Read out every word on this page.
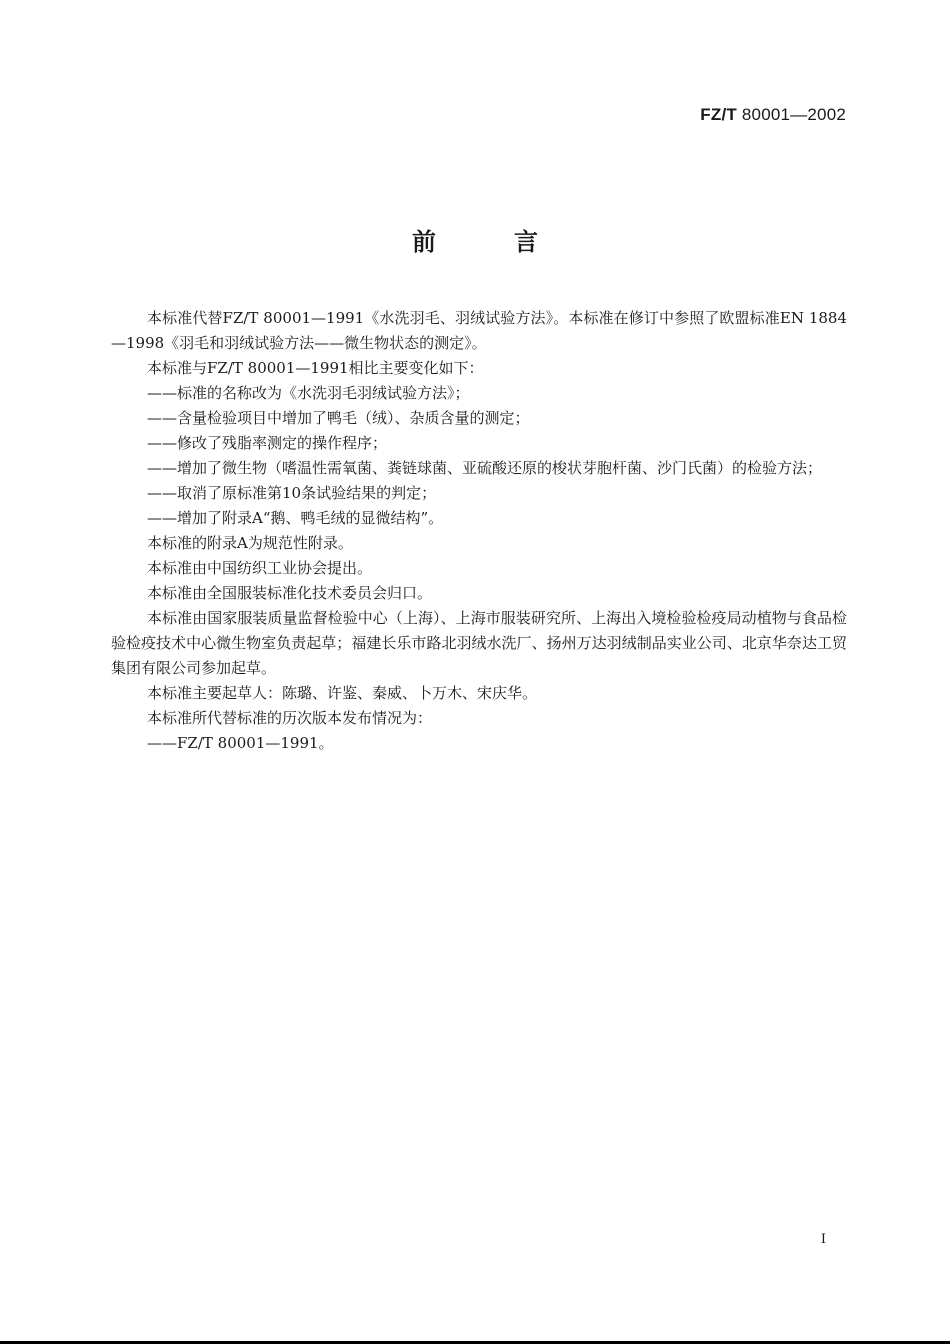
FZ/T 80001—2002
前言

本标准代替FZ/T 80001—1991《水洗羽毛、羽绒试验方法》。本标准在修订中参照了欧盟标准EN 1884—1998《羽毛和羽绒试验方法——微生物状态的测定》。

本标准与FZ/T 80001—1991相比主要变化如下：

——标准的名称改为《水洗羽毛羽绒试验方法》；

——含量检验项目中增加了鸭毛（绒）、杂质含量的测定；

——修改了残脂率测定的操作程序；

——增加了微生物（嗜温性需氧菌、粪链球菌、亚硫酸还原的梭状芽胞杆菌、沙门氏菌）的检验方法；

——取消了原标准第10条试验结果的判定；

——增加了附录A“鹅、鸭毛绒的显微结构”。

本标准的附录A为规范性附录。

本标准由中国纺织工业协会提出。

本标准由全国服装标准化技术委员会归口。

本标准由国家服装质量监督检验中心（上海）、上海市服装研究所、上海出入境检验检疫局动植物与食品检验检疫技术中心微生物室负责起草；福建长乐市路北羽绒水洗厂、扬州万达羽绒制品实业公司、北京华奈达工贸集团有限公司参加起草。

本标准主要起草人：陈璐、许鉴、秦威、卜万木、宋庆华。

本标准所代替标准的历次版本发布情况为：

——FZ/T 80001—1991。

I
